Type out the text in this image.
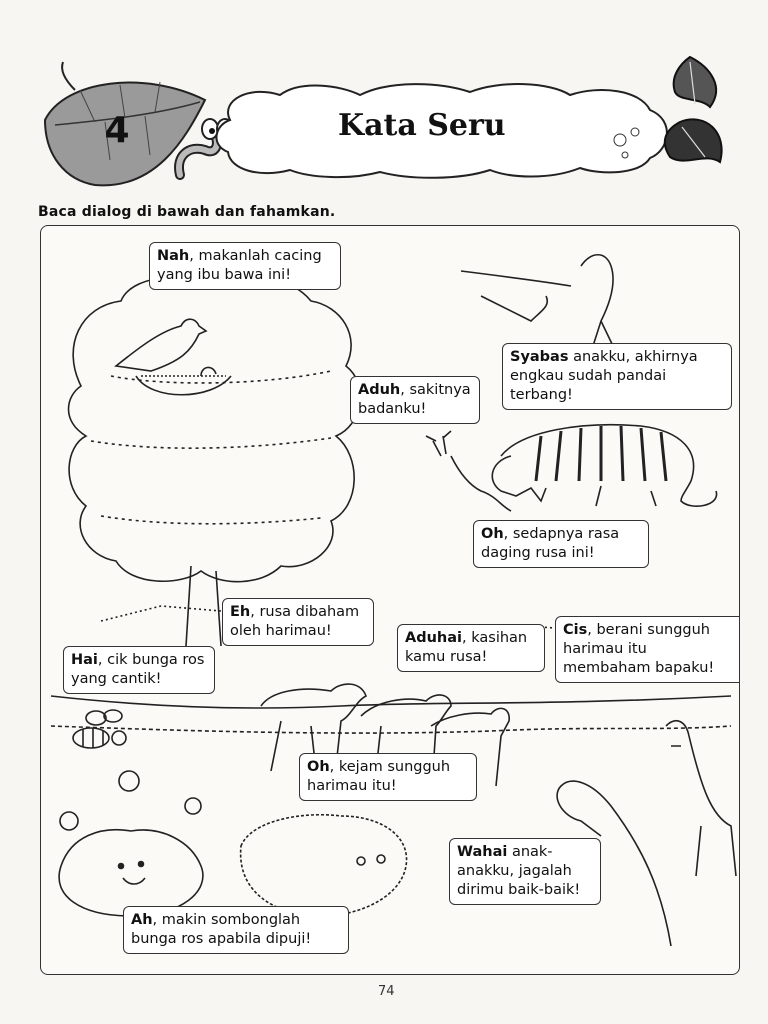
4	Kata Seru
Baca dialog di bawah dan fahamkan.
Nah, makanlah cacing yang ibu bawa ini!
Syabas anakku, akhirnya engkau sudah pandai terbang!
Aduh, sakitnya badanku!
Oh, sedapnya rasa daging rusa ini!
Eh, rusa dibaham oleh harimau!	Aduhai, kasihan kamu rusa!
Cis, berani sungguh harimau itu membaham bapaku!
Hai, cik bunga ros yang cantik!
Oh, kejam sungguh harimau itu!
Wahai anak-anakku, jagalah dirimu baik-baik!
Ah, makin sombonglah bunga ros apabila dipuji!
74
